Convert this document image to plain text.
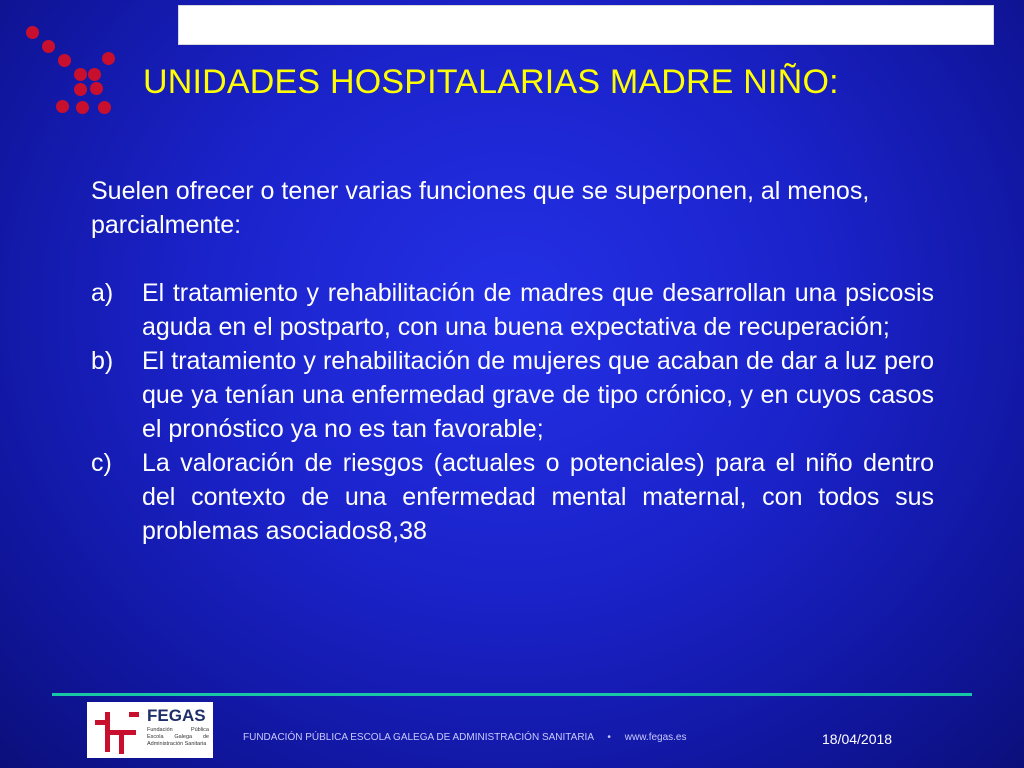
UNIDADES HOSPITALARIAS MADRE NIÑO:

Suelen ofrecer o tener varias funciones que se superponen, al menos, parcialmente:

a)	El tratamiento y rehabilitación de madres que desarrollan una psicosis aguda en el postparto, con una buena expectativa de recuperación;
b)	El tratamiento y rehabilitación de mujeres que acaban de dar a luz pero que ya tenían una enfermedad grave de tipo crónico, y en cuyos casos el pronóstico ya no es tan favorable;
c)	La valoración de riesgos (actuales o potenciales) para el niño dentro del contexto de una enfermedad mental maternal, con todos sus problemas asociados8,38
FEGAS
Fundación Pública Escola Galega de Administración Sanitaria
FUNDACIÓN PÚBLICA ESCOLA GALEGA DE ADMINISTRACIÓN SANITARIA • www.fegas.es	18/04/2018
